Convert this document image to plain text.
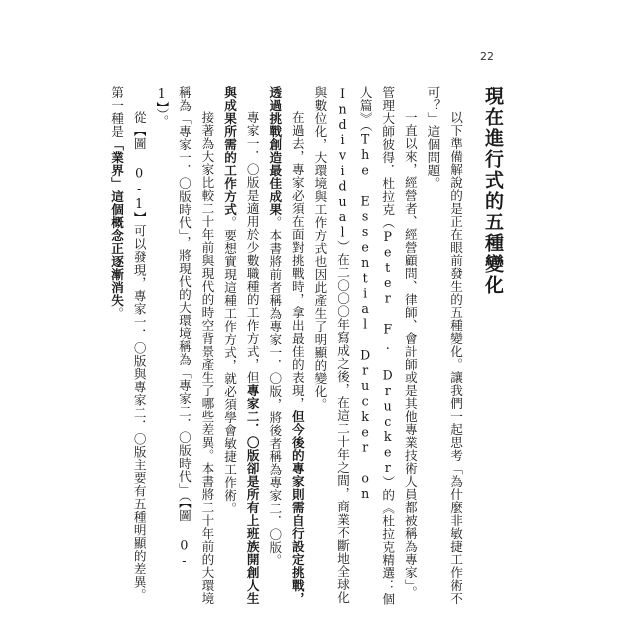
22
現在進行式的五種變化

以下準備解說的是正在眼前發生的五種變化。讓我們一起思考「為什麼非敏捷工作術不可？」這個問題。

一直以來，經營者、經營顧問、律師、會計師或是其他專業技術人員都被稱為專家」。管理大師彼得．杜拉克（Peter F. Drucker）的《杜拉克精選：個人篇》（The Essential Drucker on Individual）在二〇〇〇年寫成之後，在這二十年之間，商業不斷地全球化與數位化，大環境與工作方式也因此產生了明顯的變化。

在過去，專家必須在面對挑戰時，拿出最佳的表現，但今後的專家則需自行設定挑戰，透過挑戰創造最佳成果。本書將前者稱為專家一．〇版，將後者稱為專家二．〇版。

專家一．〇版是適用於少數職種的工作方式，但專家二．〇版卻是所有上班族開創人生與成果所需的工作方式。要想實現這種工作方式，就必須學會敏捷工作術。

接著為大家比較二十年前與現代的時空背景產生了哪些差異。本書將二十年前的大環境稱為「專家一．〇版時代」，將現代的大環境稱為「專家二．〇版時代」（【圖 0-1】）。

從【圖 0-1】可以發現，專家一．〇版與專家二．〇版主要有五種明顯的差異。

第一種是「業界」這個概念正逐漸消失。
